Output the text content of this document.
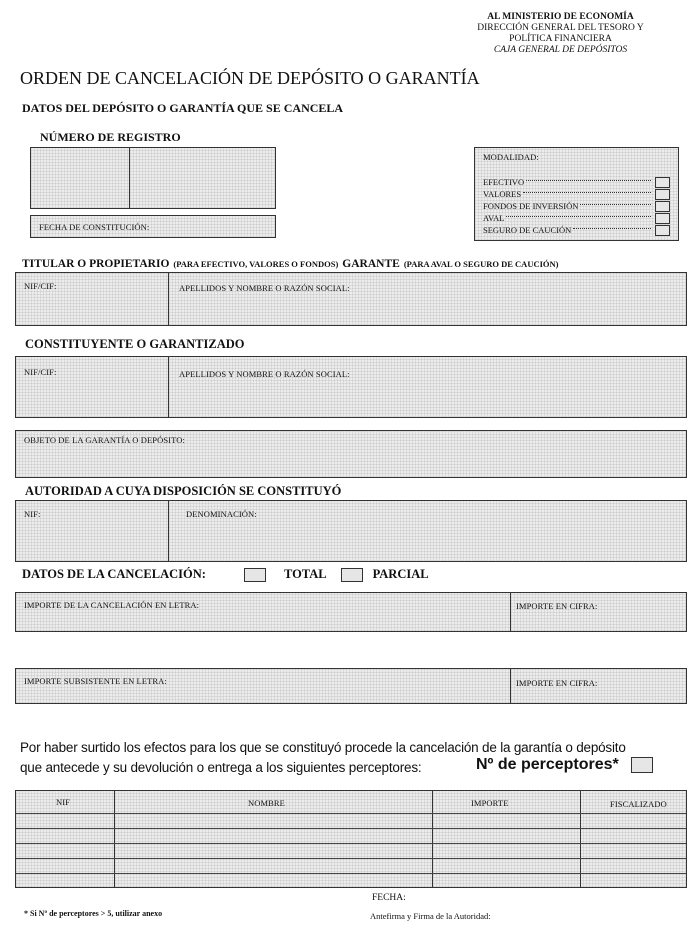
AL MINISTERIO DE ECONOMÍA
DIRECCIÓN GENERAL DEL TESORO Y
POLÍTICA FINANCIERA
CAJA GENERAL DE DEPÓSITOS
ORDEN DE CANCELACIÓN DE DEPÓSITO O GARANTÍA
DATOS DEL DEPÓSITO O GARANTÍA QUE SE CANCELA
NÚMERO DE REGISTRO
FECHA DE CONSTITUCIÓN:
MODALIDAD:
EFECTIVO
VALORES
FONDOS DE INVERSIÓN
AVAL
SEGURO DE CAUCIÓN
TITULAR O PROPIETARIO (PARA EFECTIVO, VALORES O FONDOS) GARANTE (PARA AVAL O SEGURO DE CAUCIÓN)
NIF/CIF:	APELLIDOS Y NOMBRE O RAZÓN SOCIAL:
CONSTITUYENTE O GARANTIZADO
NIF/CIF:	APELLIDOS Y NOMBRE O RAZÓN SOCIAL:
OBJETO DE LA GARANTÍA O DEPÓSITO:
AUTORIDAD A CUYA DISPOSICIÓN SE CONSTITUYÓ
NIF:	DENOMINACIÓN:
DATOS DE LA CANCELACIÓN:	TOTAL	PARCIAL
IMPORTE DE LA CANCELACIÓN EN LETRA:	IMPORTE EN CIFRA:
IMPORTE SUBSISTENTE EN LETRA:	IMPORTE EN CIFRA:
Por haber surtido los efectos para los que se constituyó procede la cancelación de la garantía o depósito
que antecede y su devolución o entrega a los siguientes perceptores:	Nº de perceptores*
NIF	NOMBRE	IMPORTE	FISCALIZADO
FECHA:
* Si Nº de perceptores > 5, utilizar anexo	Antefirma y Firma de la Autoridad:
